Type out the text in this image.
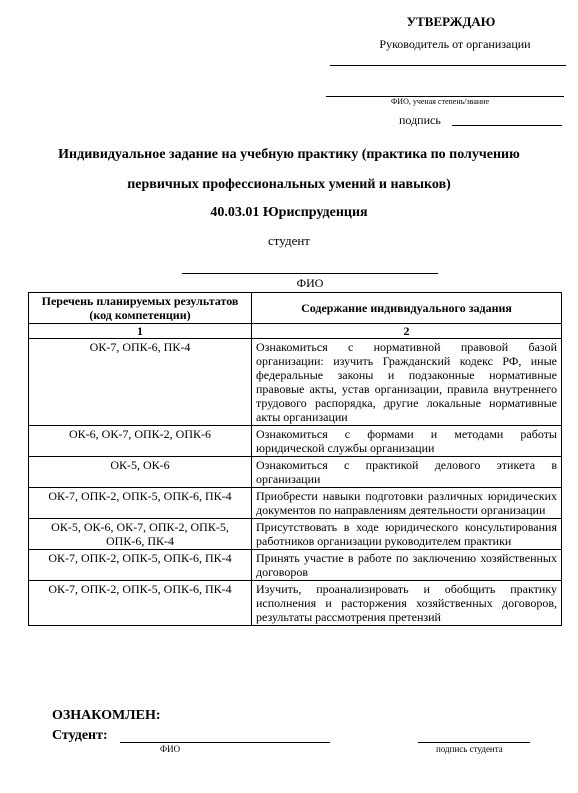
УТВЕРЖДАЮ
Руководитель от организации
ФИО, ученая степень/звание
подпись
Индивидуальное задание на учебную практику (практика по получению
первичных профессиональных умений и навыков)
40.03.01 Юриспруденция
студент
ФИО
Перечень планируемых результатов (код компетенции)	Содержание индивидуального задания
1	2
ОК-7, ОПК-6, ПК-4	Ознакомиться с нормативной правовой базой организации: изучить Гражданский кодекс РФ, иные федеральные законы и подзаконные нормативные правовые акты, устав организации, правила внутреннего трудового распорядка, другие локальные нормативные акты организации
ОК-6, ОК-7, ОПК-2, ОПК-6	Ознакомиться с формами и методами работы юридической службы организации
ОК-5, ОК-6	Ознакомиться с практикой делового этикета в организации
ОК-7, ОПК-2, ОПК-5, ОПК-6, ПК-4	Приобрести навыки подготовки различных юридических документов по направлениям деятельности организации
ОК-5, ОК-6, ОК-7, ОПК-2, ОПК-5, ОПК-6, ПК-4	Присутствовать в ходе юридического консультирования работников организации руководителем практики
ОК-7, ОПК-2, ОПК-5, ОПК-6, ПК-4	Принять участие в работе по заключению хозяйственных договоров
ОК-7, ОПК-2, ОПК-5, ОПК-6, ПК-4	Изучить, проанализировать и обобщить практику исполнения и расторжения хозяйственных договоров, результаты рассмотрения претензий
ОЗНАКОМЛЕН:
Студент:
ФИО	подпись студента
